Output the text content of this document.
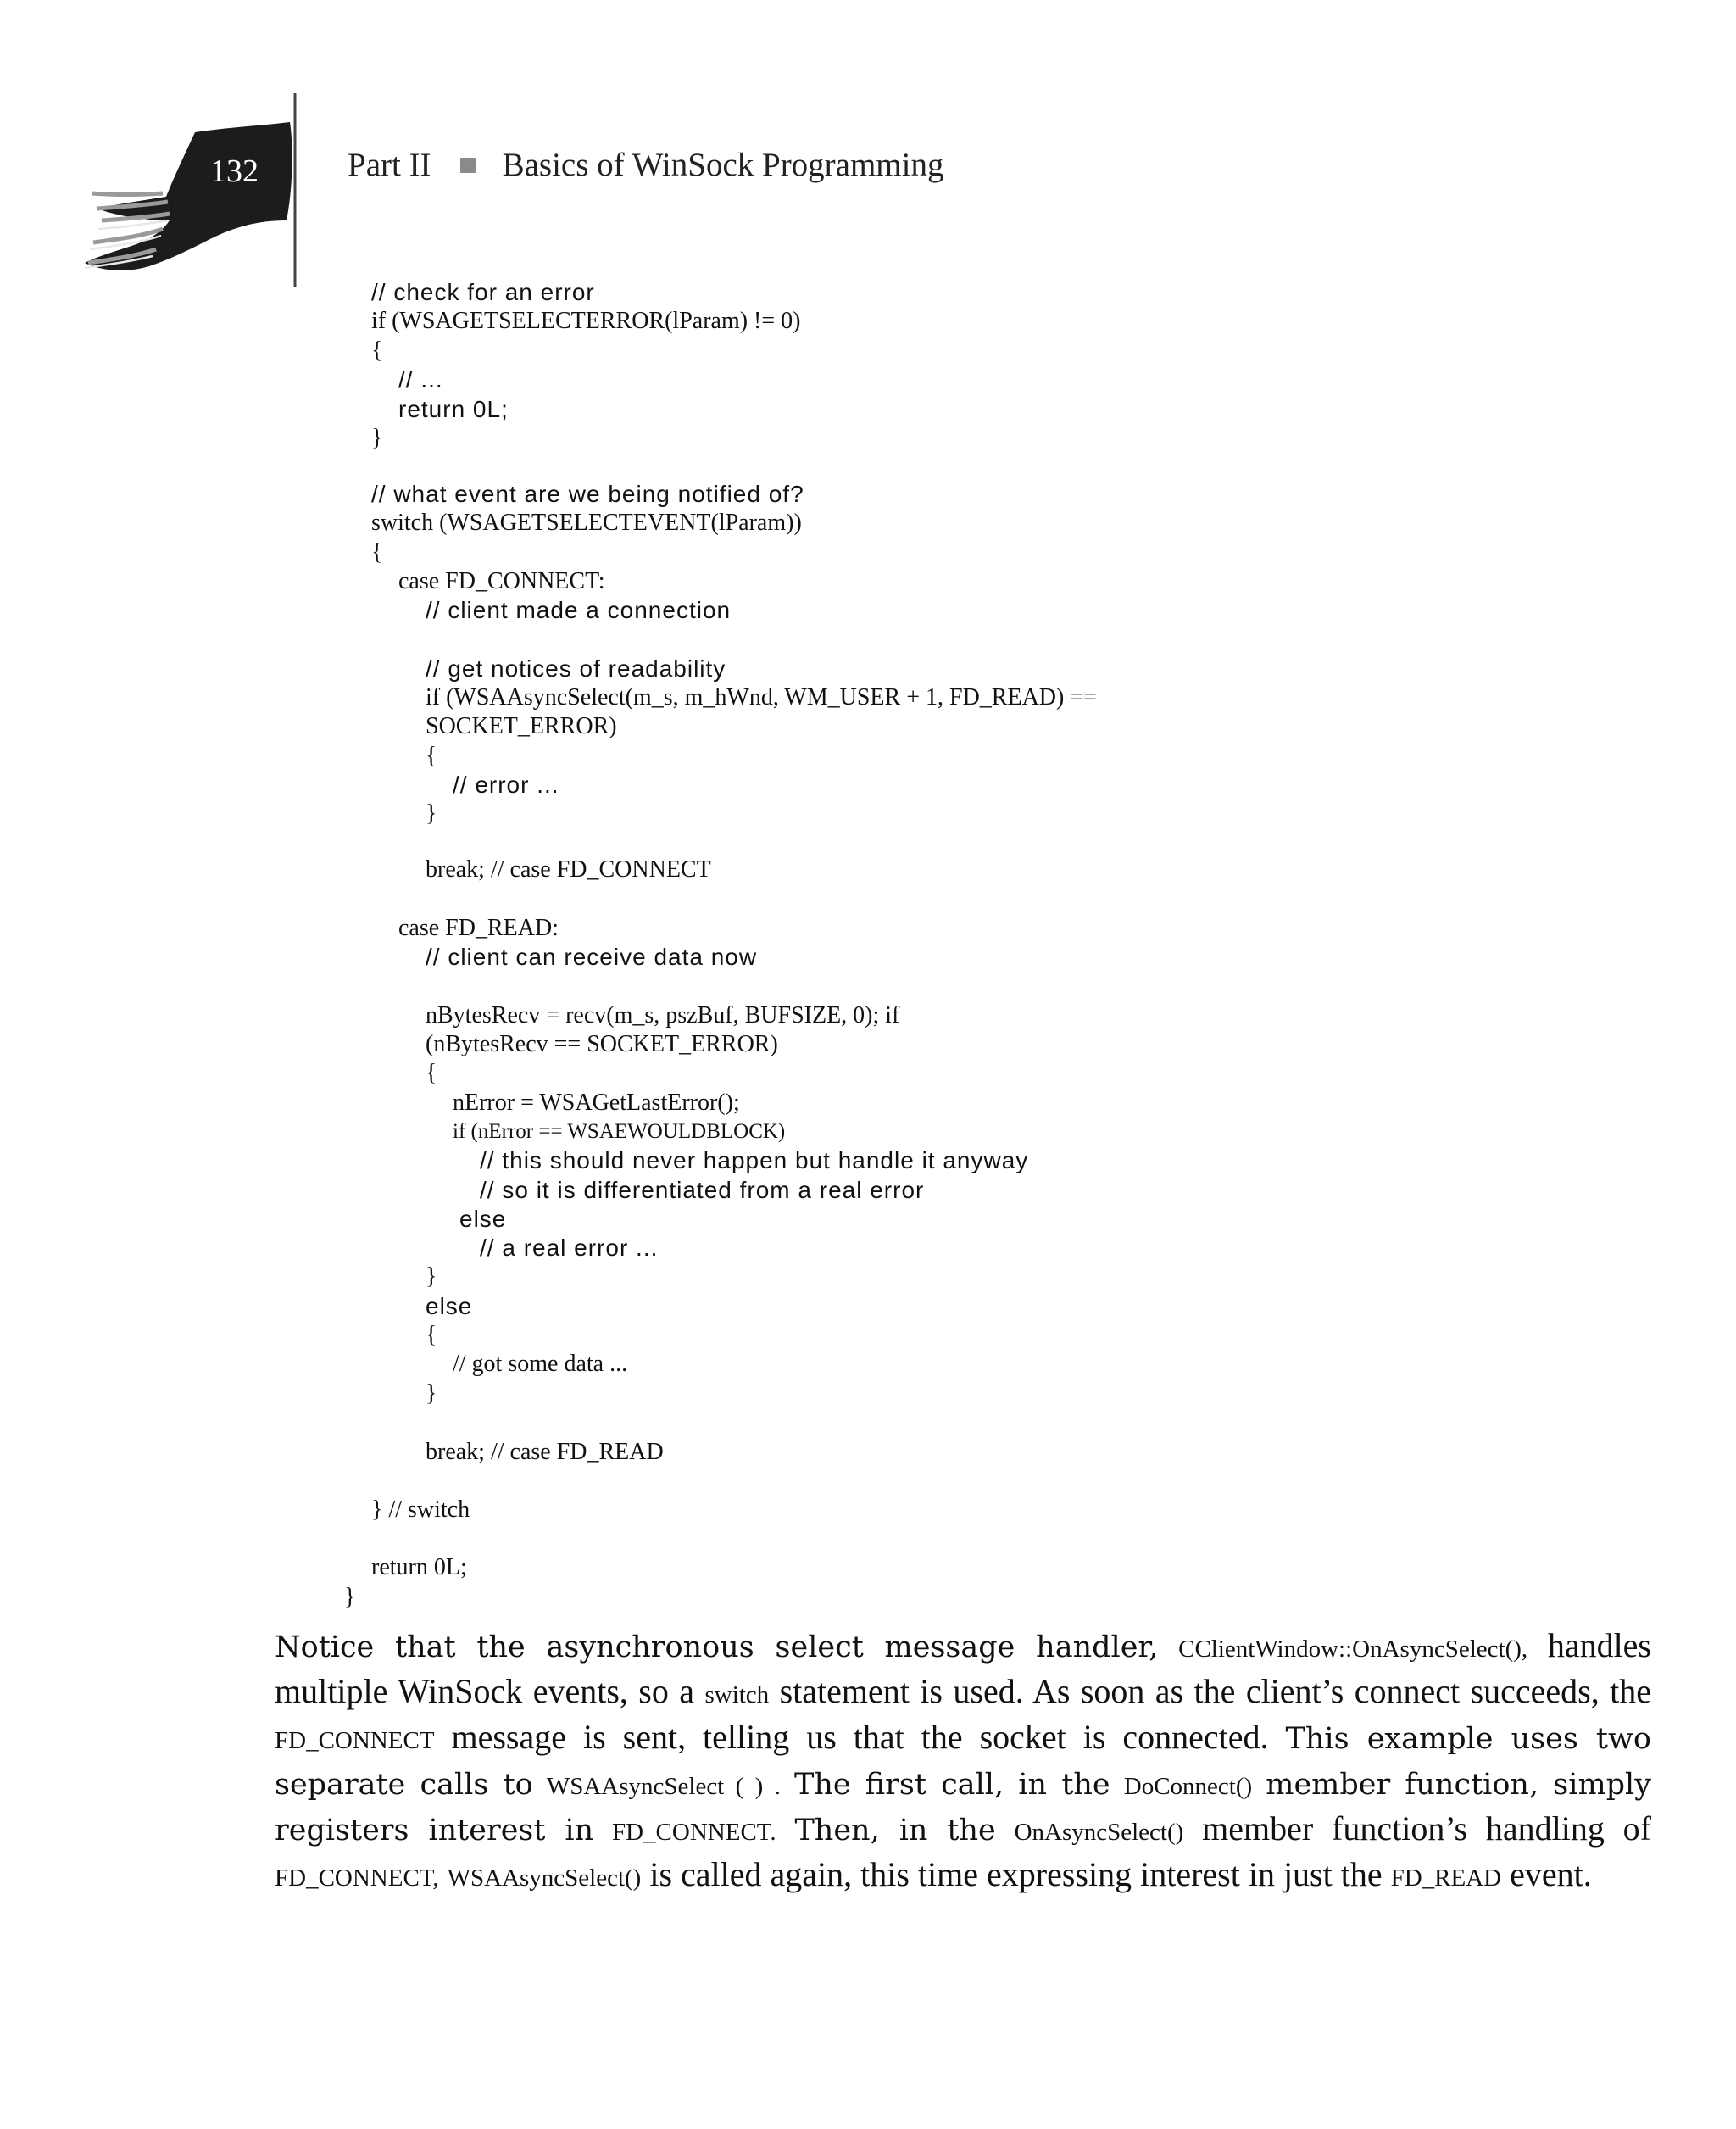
132	Part II Basics of WinSock Programming
// check for an error
if (WSAGETSELECTERROR(lParam) != 0)
{
// ...
return 0L;
}
// what event are we being notified of?
switch (WSAGETSELECTEVENT(lParam))
{
case FD_CONNECT:
// client made a connection
// get notices of readability
if (WSAAsyncSelect(m_s, m_hWnd, WM_USER + 1, FD_READ) ==
SOCKET_ERROR)
{
// error ...
}
break; // case FD_CONNECT
case FD_READ:
// client can receive data now
nBytesRecv = recv(m_s, pszBuf, BUFSIZE, 0); if
(nBytesRecv == SOCKET_ERROR)
{
nError = WSAGetLastError();
if (nError == WSAEWOULDBLOCK)
// this should never happen but handle it anyway
// so it is differentiated from a real error
else
// a real error ...
}
else
{
// got some data ...
}
break; // case FD_READ
} // switch
return 0L;
}
Notice that the asynchronous select message handler, CClientWindow::OnAsyncSelect(), handles multiple WinSock events, so a switch statement is used. As soon as the client’s connect succeeds, the FD_CONNECT message is sent, telling us that the socket is connected. This example uses two separate calls to WSAAsyncSelect ( ) . The first call, in the DoConnect() member function, simply registers interest in FD_CONNECT. Then, in the OnAsyncSelect() member function’s handling of FD_CONNECT, WSAAsyncSelect() is called again, this time expressing interest in just the FD_READ event.
